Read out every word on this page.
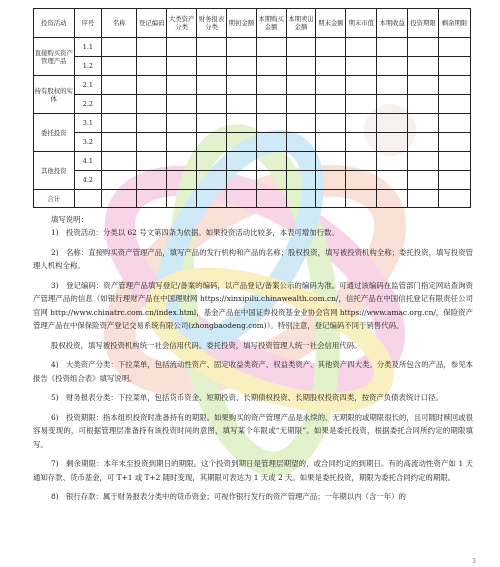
投资活动	序号	名称	登记编码	大类资产分类	财务报表分类	期初金额	本期购买金额	本期卖出金额	期末金额	期末市值	本期收益	投资期限	剩余期限
直接购买资产管理产品	1.1												
	1.2												
持有股权的实体	2.1												
	2.2												
委托投资	3.1												
	3.2												
其他投资	4.1												
	4.2												
合计													
填写说明：

1)　投资活动：分类以 62 号文第四条为依据。如果投资活动比较多，本表可增加行数。

2)　名称：直接购买资产管理产品，填写产品的发行机构和产品的名称；股权投资，填写被投资机构全称；委托投资，填写投资管理人机构全称。

3)　登记编码：资产管理产品填写登记/备案的编码，以产品登记/备案公示的编码为准。可通过该编码在监管部门指定网站查询资产管理产品的信息（如银行理财产品在中国理财网 https://xinxipilu.chinawealth.com.cn/，信托产品在中国信托登记有限责任公司官网 http://www.chinatrc.com.cn/index.html，基金产品在中国证券投资基金业协会官网 https://www.amac.org.cn/，保险资产管理产品在中保保险资产登记交易系统有限公司(zhongbaodeng.com)）。特别注意，登记编码不同于销售代码。

股权投资，填写被投资机构统一社会信用代码。委托投资，填写投资管理人统一社会信用代码。

4)　大类资产分类：下拉菜单，包括流动性资产、固定收益类资产、权益类资产、其他资产四大类。分类及所包含的产品，参见本报告《投资组合表》填写说明。

5)　财务报表分类：下拉菜单，包括货币资金、短期投资、长期债权投资、长期股权投资四类，按资产负债表统计口径。

6)　投资期限：指本组织投资时准备持有的期限。如果购买的资产管理产品是永续的、无期限的或期限很长的，且可随时赎回或很容易变现的，可根据管理层准备持有该投资时间的意图，填写某个年限或“无期限”。如果是委托投资，根据委托合同所约定的期限填写。

7)　剩余期限：本年末至投资到期日的期限。这个投资到期日是管理层期望的，或合同约定的到期日。有的高流动性资产如 1 天通知存款、货币基金，可 T+1 或 T+2 随时变现，其期限可表达为 1 天或 2 天。如果是委托投资，期限为委托合同约定的期限。

8)　银行存款：属于财务报表分类中的货币资金；可视作银行发行的资产管理产品；一年期以内（含一年）的

3
